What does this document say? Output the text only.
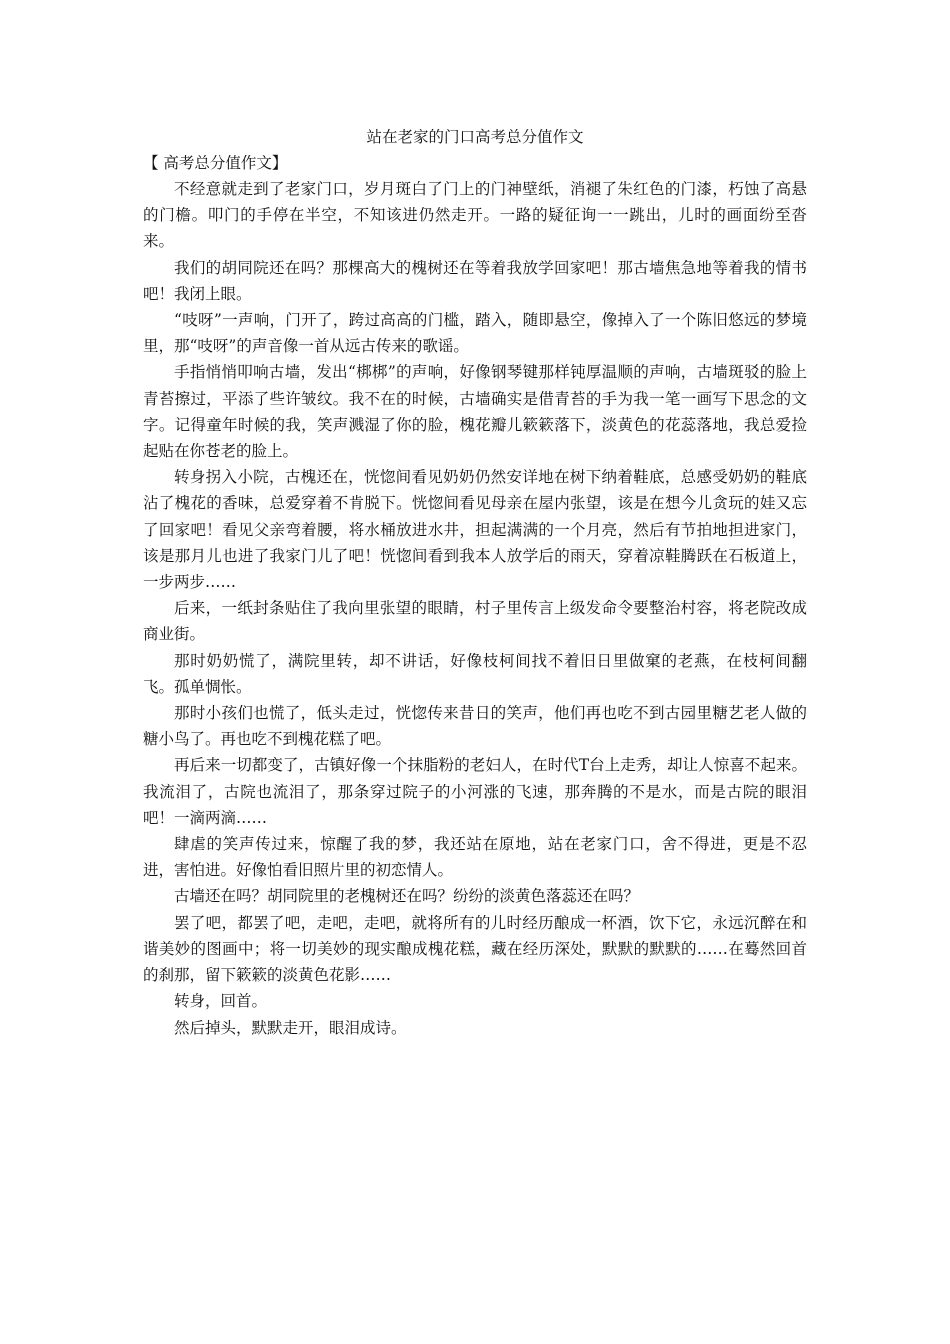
站在老家的门口高考总分值作文

【 高考总分值作文】

不经意就走到了老家门口，岁月斑白了门上的门神壁纸，消褪了朱红色的门漆，朽蚀了高悬的门檐。叩门的手停在半空，不知该进仍然走开。一路的疑征询一一跳出，儿时的画面纷至沓来。

我们的胡同院还在吗？那棵高大的槐树还在等着我放学回家吧！那古墙焦急地等着我的情书吧！我闭上眼。

“吱呀”一声响，门开了，跨过高高的门槛，踏入，随即悬空，像掉入了一个陈旧悠远的梦境里，那“吱呀”的声音像一首从远古传来的歌谣。

手指悄悄叩响古墙，发出“梆梆”的声响，好像钢琴键那样钝厚温顺的声响，古墙斑驳的脸上青苔擦过，平添了些许皱纹。我不在的时候，古墙确实是借青苔的手为我一笔一画写下思念的文字。记得童年时候的我，笑声溅湿了你的脸，槐花瓣儿簌簌落下，淡黄色的花蕊落地，我总爱捡起贴在你苍老的脸上。

转身拐入小院，古槐还在，恍惚间看见奶奶仍然安详地在树下纳着鞋底，总感受奶奶的鞋底沾了槐花的香味，总爱穿着不肯脱下。恍惚间看见母亲在屋内张望，该是在想今儿贪玩的娃又忘了回家吧！看见父亲弯着腰，将水桶放进水井，担起满满的一个月亮，然后有节拍地担进家门，该是那月儿也进了我家门儿了吧！恍惚间看到我本人放学后的雨天，穿着凉鞋腾跃在石板道上，一步两步……

后来，一纸封条贴住了我向里张望的眼睛，村子里传言上级发命令要整治村容，将老院改成商业街。

那时奶奶慌了，满院里转，却不讲话，好像枝柯间找不着旧日里做窠的老燕，在枝柯间翻飞。孤单惆怅。

那时小孩们也慌了，低头走过，恍惚传来昔日的笑声，他们再也吃不到古园里糖艺老人做的糖小鸟了。再也吃不到槐花糕了吧。

再后来一切都变了，古镇好像一个抹脂粉的老妇人，在时代T台上走秀，却让人惊喜不起来。我流泪了，古院也流泪了，那条穿过院子的小河涨的飞速，那奔腾的不是水，而是古院的眼泪吧！一滴两滴……

肆虐的笑声传过来，惊醒了我的梦，我还站在原地，站在老家门口，舍不得进，更是不忍进，害怕进。好像怕看旧照片里的初恋情人。

古墙还在吗？胡同院里的老槐树还在吗？纷纷的淡黄色落蕊还在吗？

罢了吧，都罢了吧，走吧，走吧，就将所有的儿时经历酿成一杯酒，饮下它，永远沉醉在和谐美妙的图画中；将一切美妙的现实酿成槐花糕，藏在经历深处，默默的默默的……在蓦然回首的刹那，留下簌簌的淡黄色花影……

转身，回首。

然后掉头，默默走开，眼泪成诗。
